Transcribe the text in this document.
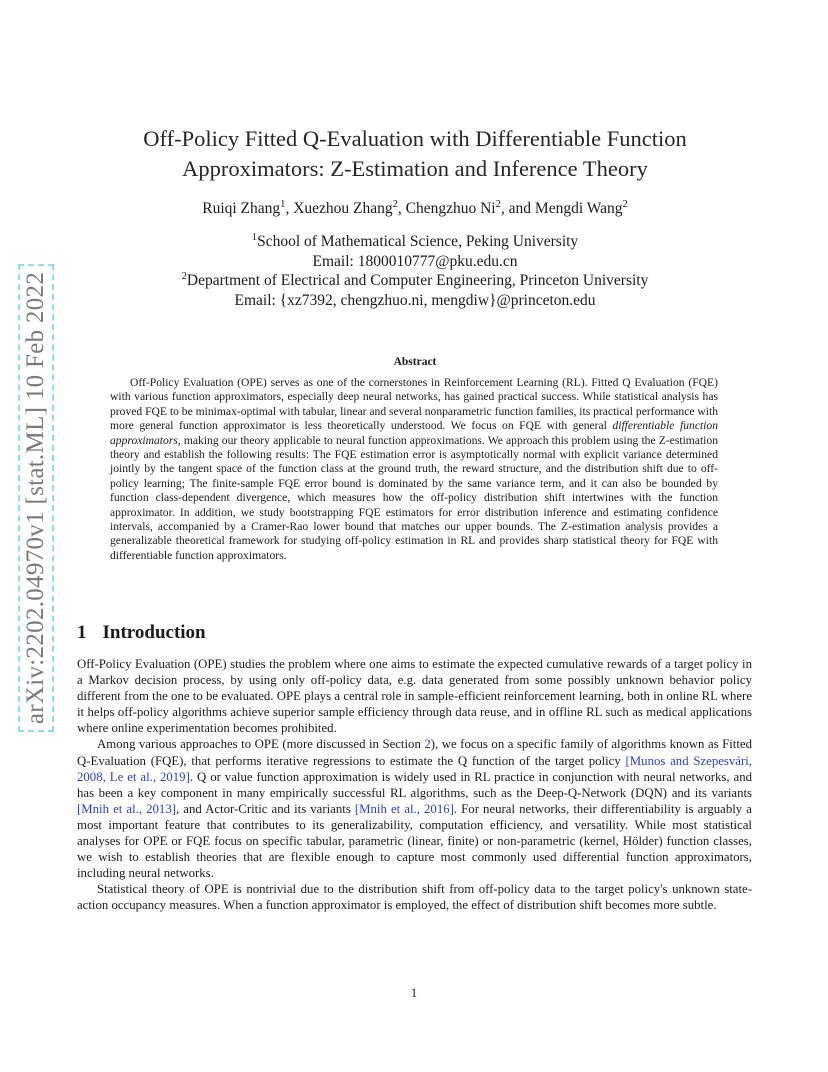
arXiv:2202.04970v1 [stat.ML] 10 Feb 2022
Off-Policy Fitted Q-Evaluation with Differentiable Function
Approximators: Z-Estimation and Inference Theory
Ruiqi Zhang$^1$, Xuezhou Zhang$^2$, Chengzhuo Ni$^2$, and Mengdi Wang$^2$
$^1$School of Mathematical Science, Peking University
Email: 1800010777@pku.edu.cn
$^2$Department of Electrical and Computer Engineering, Princeton University
Email: {xz7392, chengzhuo.ni, mengdiw}@princeton.edu
Abstract

Off-Policy Evaluation (OPE) serves as one of the cornerstones in Reinforcement Learning (RL). Fitted Q Evaluation (FQE) with various function approximators, especially deep neural networks, has gained practical success. While statistical analysis has proved FQE to be minimax-optimal with tabular, linear and several nonparametric function families, its practical performance with more general function approximator is less theoretically understood. We focus on FQE with general differentiable function approximators, making our theory applicable to neural function approximations. We approach this problem using the Z-estimation theory and establish the following results: The FQE estimation error is asymptotically normal with explicit variance determined jointly by the tangent space of the function class at the ground truth, the reward structure, and the distribution shift due to off-policy learning; The finite-sample FQE error bound is dominated by the same variance term, and it can also be bounded by function class-dependent divergence, which measures how the off-policy distribution shift intertwines with the function approximator. In addition, we study bootstrapping FQE estimators for error distribution inference and estimating confidence intervals, accompanied by a Cramer-Rao lower bound that matches our upper bounds. The Z-estimation analysis provides a generalizable theoretical framework for studying off-policy estimation in RL and provides sharp statistical theory for FQE with differentiable function approximators.

1 Introduction

Off-Policy Evaluation (OPE) studies the problem where one aims to estimate the expected cumulative rewards of a target policy in a Markov decision process, by using only off-policy data, e.g. data generated from some possibly unknown behavior policy different from the one to be evaluated. OPE plays a central role in sample-efficient reinforcement learning, both in online RL where it helps off-policy algorithms achieve superior sample efficiency through data reuse, and in offline RL such as medical applications where online experimentation becomes prohibited.

Among various approaches to OPE (more discussed in Section 2), we focus on a specific family of algorithms known as Fitted Q-Evaluation (FQE), that performs iterative regressions to estimate the Q function of the target policy [Munos and Szepesvári, 2008, Le et al., 2019]. Q or value function approximation is widely used in RL practice in conjunction with neural networks, and has been a key component in many empirically successful RL algorithms, such as the Deep-Q-Network (DQN) and its variants [Mnih et al., 2013], and Actor-Critic and its variants [Mnih et al., 2016]. For neural networks, their differentiability is arguably a most important feature that contributes to its generalizability, computation efficiency, and versatility. While most statistical analyses for OPE or FQE focus on specific tabular, parametric (linear, finite) or non-parametric (kernel, Hölder) function classes, we wish to establish theories that are flexible enough to capture most commonly used differential function approximators, including neural networks.

Statistical theory of OPE is nontrivial due to the distribution shift from off-policy data to the target policy's unknown state-action occupancy measures. When a function approximator is employed, the effect of distribution shift becomes more subtle.

1
